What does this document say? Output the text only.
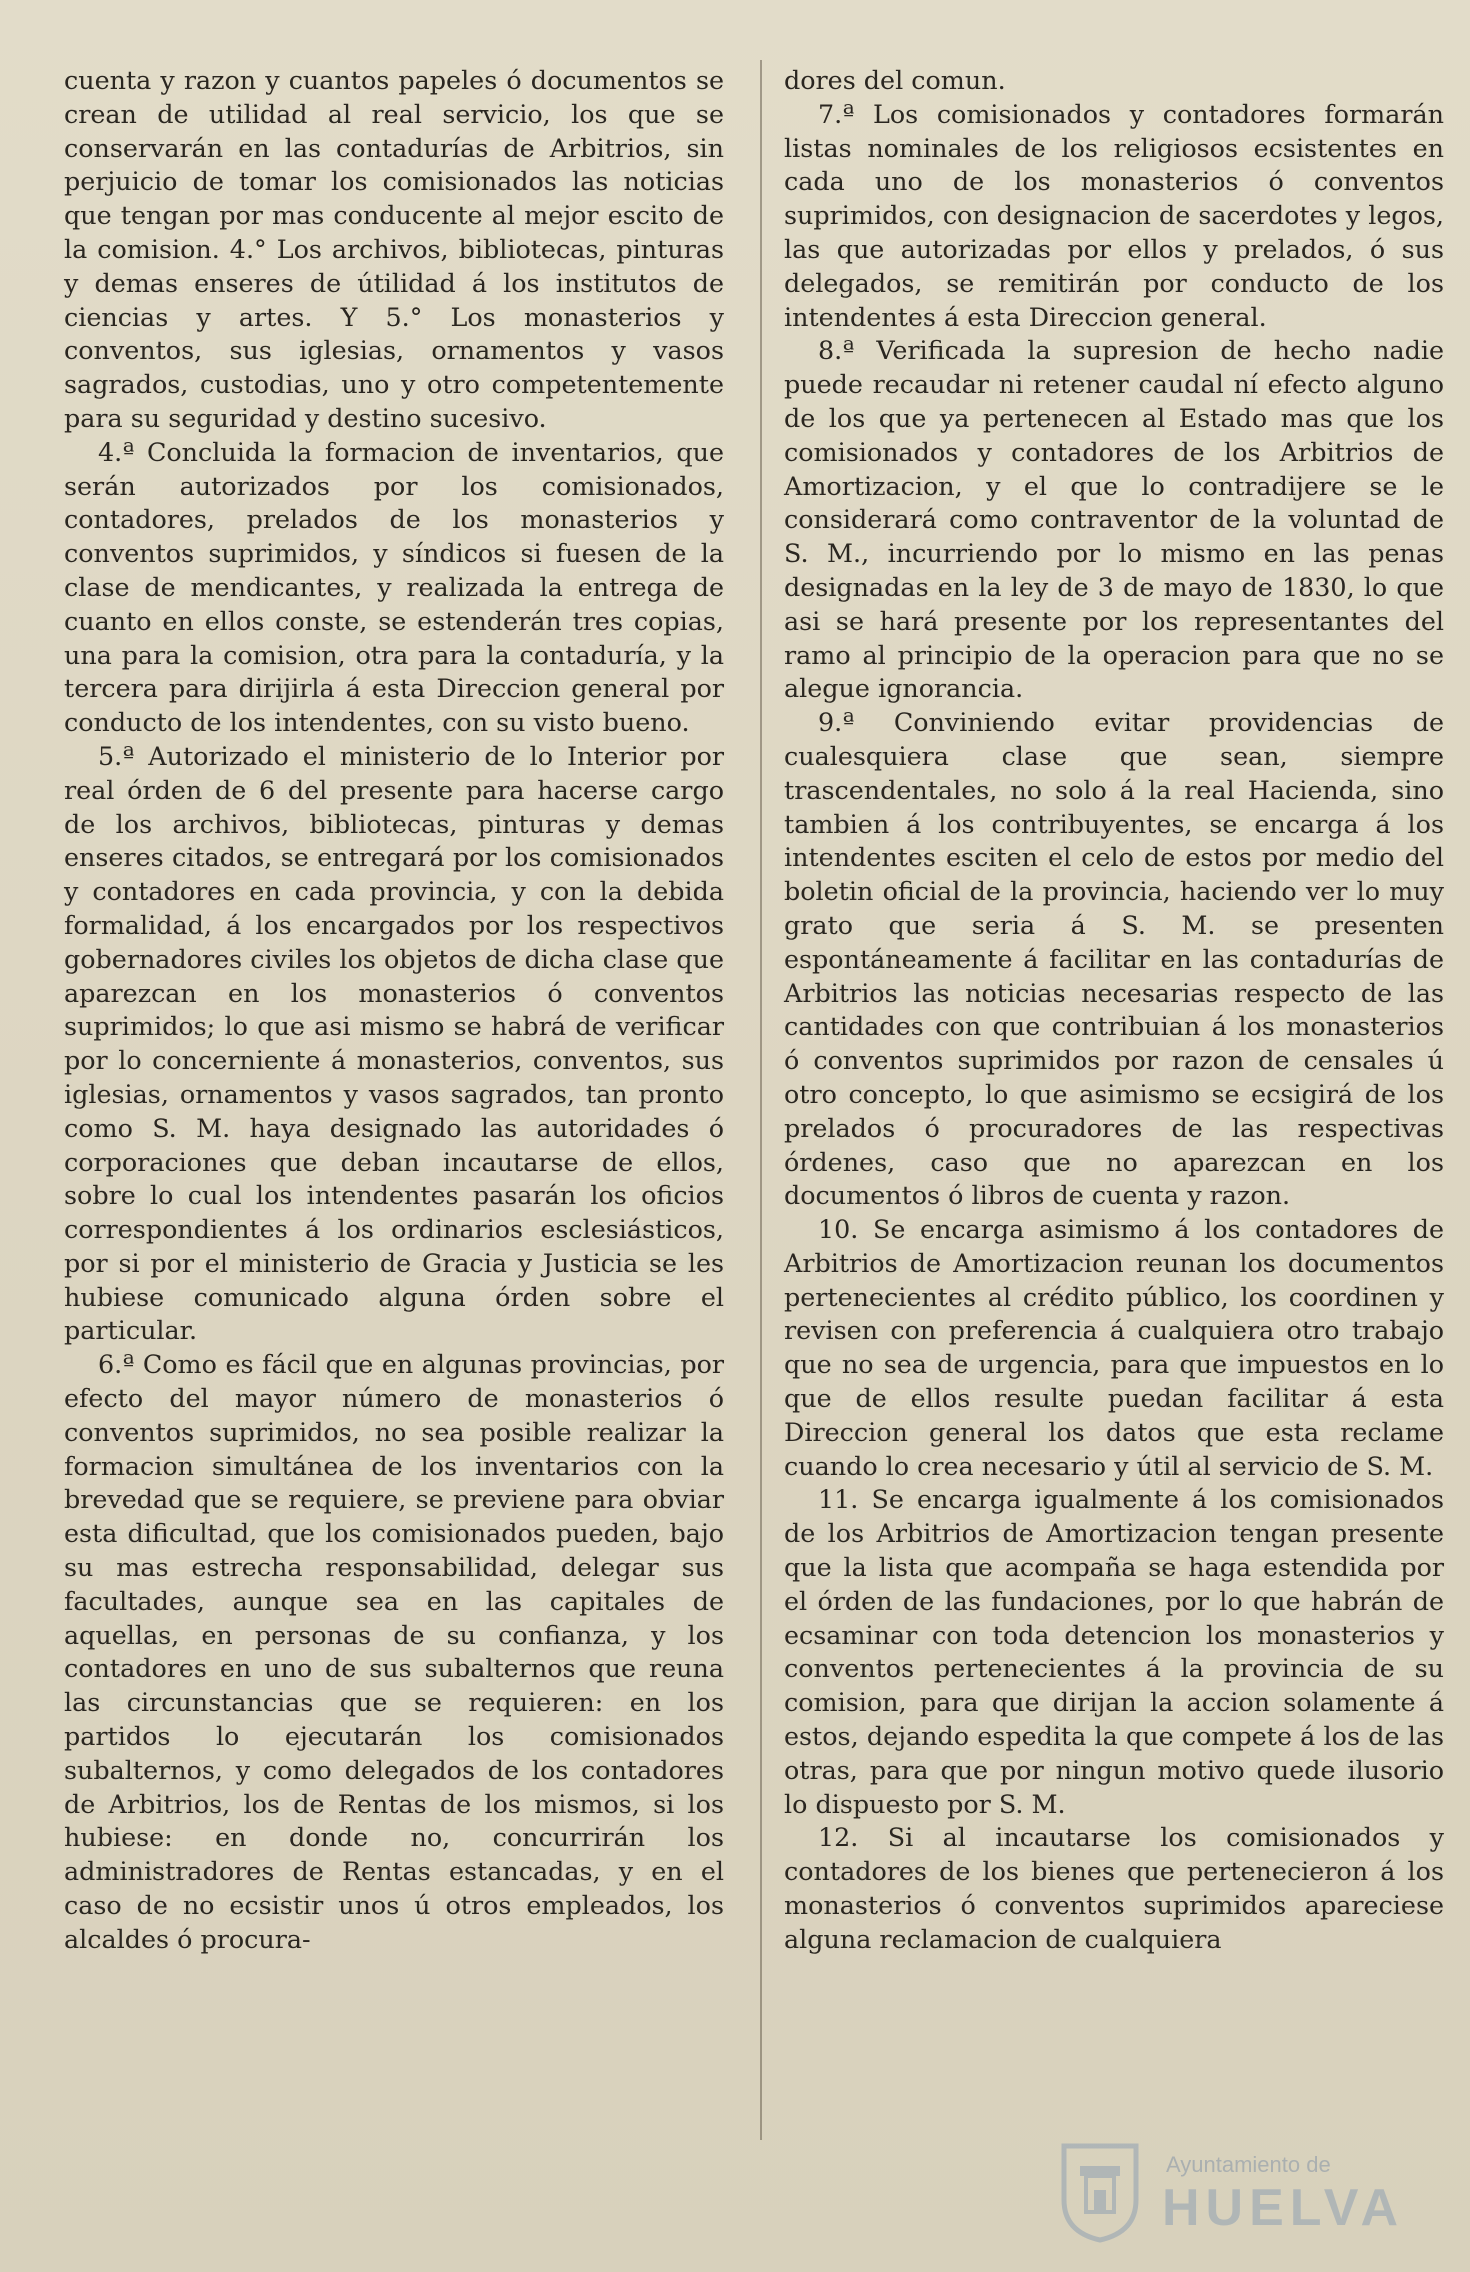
cuenta y razon y cuantos papeles ó documentos se crean de utilidad al real servicio, los que se conservarán en las contadurías de Arbitrios, sin perjuicio de tomar los comisionados las noticias que tengan por mas conducente al mejor escito de la comision. 4.° Los archivos, bibliotecas, pinturas y demas enseres de útilidad á los institutos de ciencias y artes. Y 5.° Los monasterios y conventos, sus iglesias, ornamentos y vasos sagrados, custodias, uno y otro competentemente para su seguridad y destino sucesivo.

4.ª Concluida la formacion de inventarios, que serán autorizados por los comisionados, contadores, prelados de los monasterios y conventos suprimidos, y síndicos si fuesen de la clase de mendicantes, y realizada la entrega de cuanto en ellos conste, se estenderán tres copias, una para la comision, otra para la contaduría, y la tercera para dirijirla á esta Direccion general por conducto de los intendentes, con su visto bueno.

5.ª Autorizado el ministerio de lo Interior por real órden de 6 del presente para hacerse cargo de los archivos, bibliotecas, pinturas y demas enseres citados, se entregará por los comisionados y contadores en cada provincia, y con la debida formalidad, á los encargados por los respectivos gobernadores civiles los objetos de dicha clase que aparezcan en los monasterios ó conventos suprimidos; lo que asi mismo se habrá de verificar por lo concerniente á monasterios, conventos, sus iglesias, ornamentos y vasos sagrados, tan pronto como S. M. haya designado las autoridades ó corporaciones que deban incautarse de ellos, sobre lo cual los intendentes pasarán los oficios correspondientes á los ordinarios esclesiásticos, por si por el ministerio de Gracia y Justicia se les hubiese comunicado alguna órden sobre el particular.

6.ª Como es fácil que en algunas provincias, por efecto del mayor número de monasterios ó conventos suprimidos, no sea posible realizar la formacion simultánea de los inventarios con la brevedad que se requiere, se previene para obviar esta dificultad, que los comisionados pueden, bajo su mas estrecha responsabilidad, delegar sus facultades, aunque sea en las capitales de aquellas, en personas de su confianza, y los contadores en uno de sus subalternos que reuna las circunstancias que se requieren: en los partidos lo ejecutarán los comisionados subalternos, y como delegados de los contadores de Arbitrios, los de Rentas de los mismos, si los hubiese: en donde no, concurrirán los administradores de Rentas estancadas, y en el caso de no ecsistir unos ú otros empleados, los alcaldes ó procura-

dores del comun.

7.ª Los comisionados y contadores formarán listas nominales de los religiosos ecsistentes en cada uno de los monasterios ó conventos suprimidos, con designacion de sacerdotes y legos, las que autorizadas por ellos y prelados, ó sus delegados, se remitirán por conducto de los intendentes á esta Direccion general.

8.ª Verificada la supresion de hecho nadie puede recaudar ni retener caudal ní efecto alguno de los que ya pertenecen al Estado mas que los comisionados y contadores de los Arbitrios de Amortizacion, y el que lo contradijere se le considerará como contraventor de la voluntad de S. M., incurriendo por lo mismo en las penas designadas en la ley de 3 de mayo de 1830, lo que asi se hará presente por los representantes del ramo al principio de la operacion para que no se alegue ignorancia.

9.ª Conviniendo evitar providencias de cualesquiera clase que sean, siempre trascendentales, no solo á la real Hacienda, sino tambien á los contribuyentes, se encarga á los intendentes esciten el celo de estos por medio del boletin oficial de la provincia, haciendo ver lo muy grato que seria á S. M. se presenten espontáneamente á facilitar en las contadurías de Arbitrios las noticias necesarias respecto de las cantidades con que contribuian á los monasterios ó conventos suprimidos por razon de censales ú otro concepto, lo que asimismo se ecsigirá de los prelados ó procuradores de las respectivas órdenes, caso que no aparezcan en los documentos ó libros de cuenta y razon.

10. Se encarga asimismo á los contadores de Arbitrios de Amortizacion reunan los documentos pertenecientes al crédito público, los coordinen y revisen con preferencia á cualquiera otro trabajo que no sea de urgencia, para que impuestos en lo que de ellos resulte puedan facilitar á esta Direccion general los datos que esta reclame cuando lo crea necesario y útil al servicio de S. M.

11. Se encarga igualmente á los comisionados de los Arbitrios de Amortizacion tengan presente que la lista que acompaña se haga estendida por el órden de las fundaciones, por lo que habrán de ecsaminar con toda detencion los monasterios y conventos pertenecientes á la provincia de su comision, para que dirijan la accion solamente á estos, dejando espedita la que compete á los de las otras, para que por ningun motivo quede ilusorio lo dispuesto por S. M.

12. Si al incautarse los comisionados y contadores de los bienes que pertenecieron á los monasterios ó conventos suprimidos apareciese alguna reclamacion de cualquiera

Ayuntamiento de
HUELVA
